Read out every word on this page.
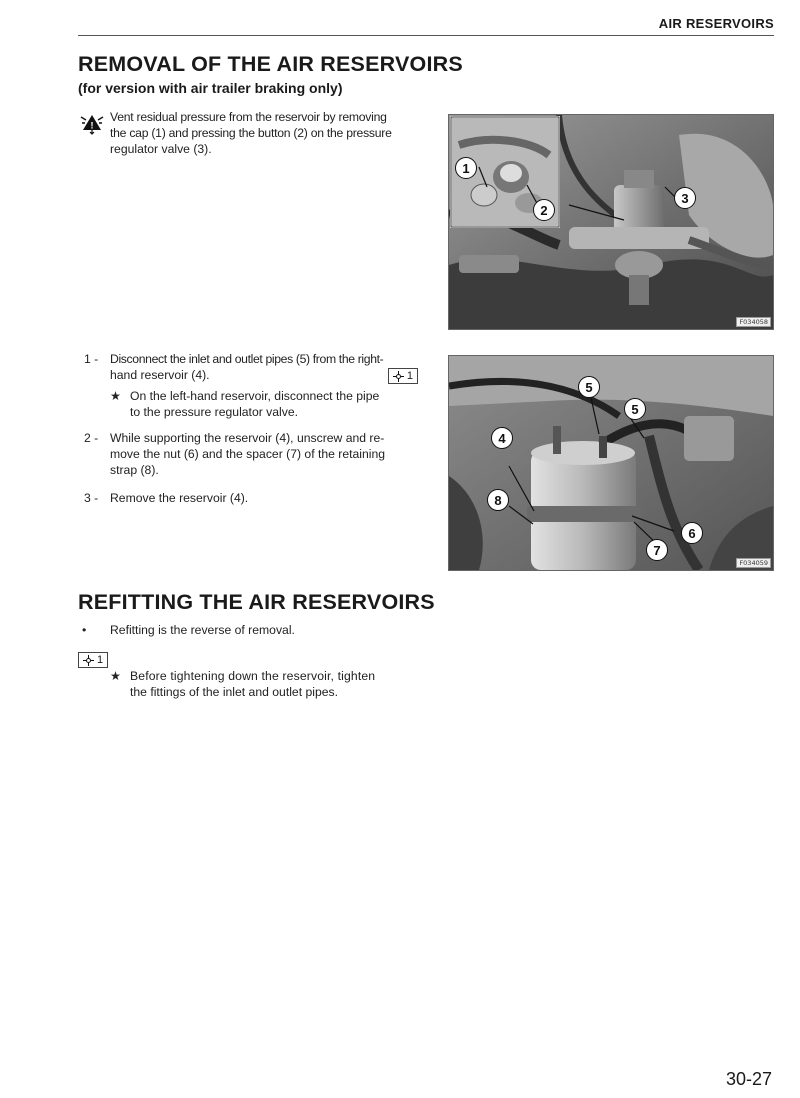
AIR RESERVOIRS
REMOVAL OF THE AIR RESERVOIRS
(for version with air trailer braking only)
!
Vent residual pressure from the reservoir by removing
the cap (1) and pressing the button (2) on the pressure
regulator valve (3).
1
2
3
F034058
1 - Disconnect the inlet and outlet pipes (5) from the right-
hand reservoir (4).	1
★ On the left-hand reservoir, disconnect the pipe
to the pressure regulator valve.
2 - While supporting the reservoir (4), unscrew and re-
move the nut (6) and the spacer (7) of the retaining
strap (8).
3 - Remove the reservoir (4).
5
5
4
8
6
7
F034059
REFITTING THE AIR RESERVOIRS
• Refitting is the reverse of removal.
1
★ Before tightening down the reservoir, tighten
the fittings of the inlet and outlet pipes.
30-27
